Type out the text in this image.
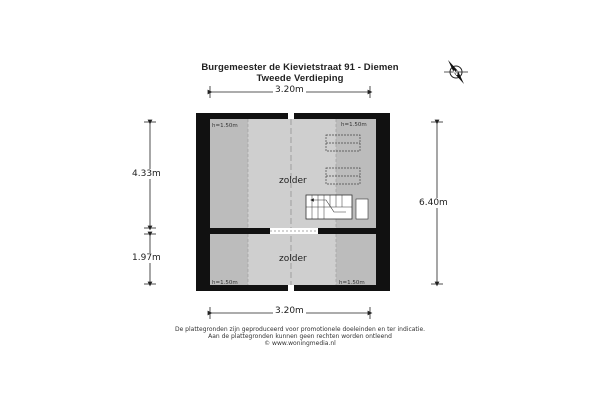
Burgemeester de Kievietstraat 91 - Diemen
Tweede Verdieping	N
zolder
zolder
h=1.50m	h=1.50m
h=1.50m	h=1.50m
3.20m
3.20m
4.33m
1.97m
6.40m
De plattegronden zijn geproduceerd voor promotionele doeleinden en ter indicatie.
Aan de plattegronden kunnen geen rechten worden ontleend
© www.woningmedia.nl
